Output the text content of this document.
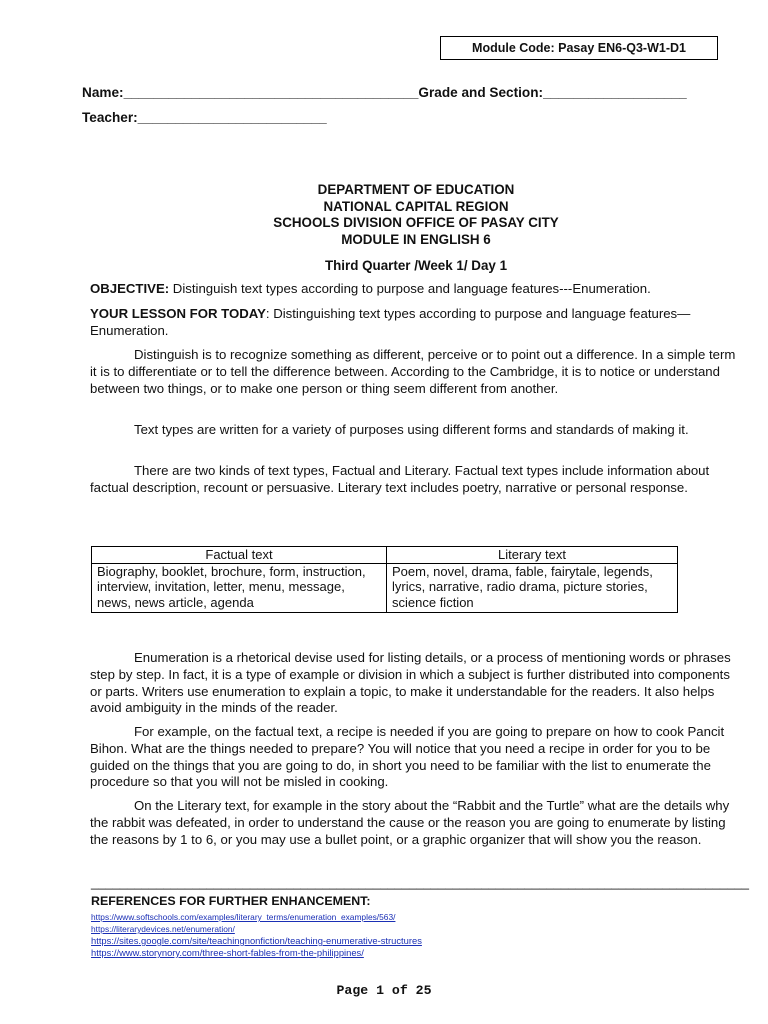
Module Code: Pasay EN6-Q3-W1-D1
Name:_______________________________________Grade and Section:___________________
Teacher:_________________________
DEPARTMENT OF EDUCATION
NATIONAL CAPITAL REGION
SCHOOLS DIVISION OFFICE OF PASAY CITY
MODULE IN ENGLISH 6
Third Quarter /Week 1/ Day 1
OBJECTIVE: Distinguish text types according to purpose and language features---Enumeration.
YOUR LESSON FOR TODAY: Distinguishing text types according to purpose and language features—Enumeration.
Distinguish is to recognize something as different, perceive or to point out a difference. In a simple term it is to differentiate or to tell the difference between. According to the Cambridge, it is to notice or understand between two things, or to make one person or thing seem different from another.
Text types are written for a variety of purposes using different forms and standards of making it.
There are two kinds of text types, Factual and Literary. Factual text types include information about factual description, recount or persuasive. Literary text includes poetry, narrative or personal response.
Factual text	Literary text
Biography, booklet, brochure, form, instruction, interview, invitation, letter, menu, message, news, news article, agenda	Poem, novel, drama, fable, fairytale, legends, lyrics, narrative, radio drama, picture stories, science fiction
Enumeration is a rhetorical devise used for listing details, or a process of mentioning words or phrases step by step. In fact, it is a type of example or division in which a subject is further distributed into components or parts. Writers use enumeration to explain a topic, to make it understandable for the readers. It also helps avoid ambiguity in the minds of the reader.
For example, on the factual text, a recipe is needed if you are going to prepare on how to cook Pancit Bihon. What are the things needed to prepare? You will notice that you need a recipe in order for you to be guided on the things that you are going to do, in short you need to be familiar with the list to enumerate the procedure so that you will not be misled in cooking.
On the Literary text, for example in the story about the “Rabbit and the Turtle” what are the details why the rabbit was defeated, in order to understand the cause or the reason you are going to enumerate by listing the reasons by 1 to 6, or you may use a bullet point, or a graphic organizer that will show you the reason.
___________________________________________________________________________________________
REFERENCES FOR FURTHER ENHANCEMENT:
https://www.softschools.com/examples/literary_terms/enumeration_examples/563/
https://literarydevices.net/enumeration/
https://sites.google.com/site/teachingnonfiction/teaching-enumerative-structures
https://www.storynory.com/three-short-fables-from-the-philippines/
Page 1 of 25
